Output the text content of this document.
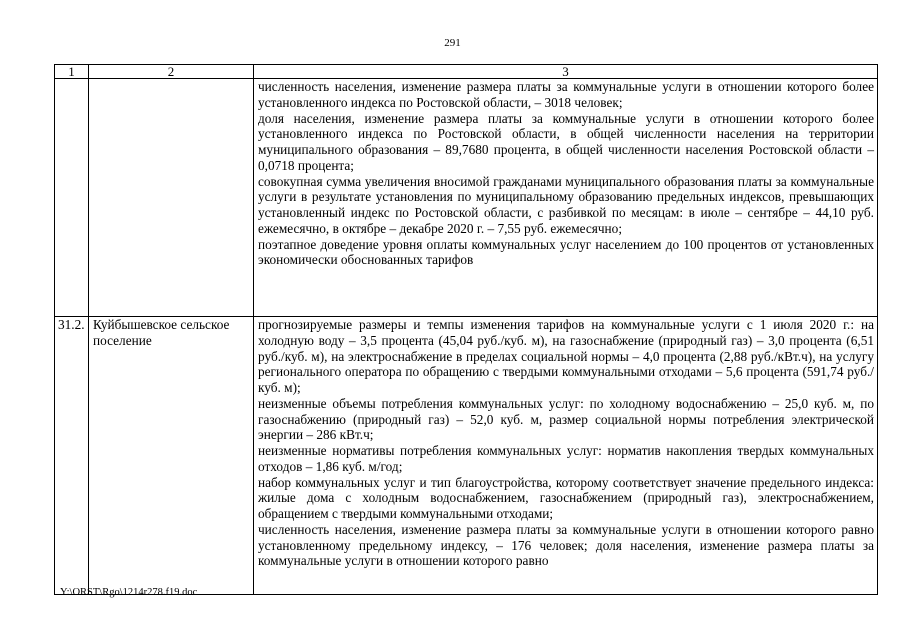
291
1	2	3

		численность населения, изменение размера платы за коммунальные услуги в отношении которого более установленного индекса по Ростовской области, – 3018 человек;
доля населения, изменение размера платы за коммунальные услуги в отношении которого более установленного индекса по Ростовской области, в общей численности населения на территории муниципального образования – 89,7680 процента, в общей численности населения Ростовской области – 0,0718 процента;
совокупная сумма увеличения вносимой гражданами муниципального образования платы за коммунальные услуги в результате установления по муниципальному образованию предельных индексов, превышающих установленный индекс по Ростовской области, с разбивкой по месяцам: в июле – сентябре – 44,10 руб. ежемесячно, в октябре – декабре 2020 г. – 7,55 руб. ежемесячно;
поэтапное доведение уровня оплаты коммунальных услуг населением до 100 процентов от установленных экономически обоснованных тарифов

31.2.	Куйбышевское сельское поселение	прогнозируемые размеры и темпы изменения тарифов на коммунальные услуги с 1 июля 2020 г.: на холодную воду – 3,5 процента (45,04 руб./куб. м), на газоснабжение (природный газ) – 3,0 процента (6,51 руб./куб. м), на электроснабжение в пределах социальной нормы – 4,0 процента (2,88 руб./кВт.ч), на услугу регионального оператора по обращению с твердыми коммунальными отходами – 5,6 процента (591,74 руб./куб. м);
неизменные объемы потребления коммунальных услуг: по холодному водоснабжению – 25,0 куб. м, по газоснабжению (природный газ) – 52,0 куб. м, размер социальной нормы потребления электрической энергии – 286 кВт.ч;
неизменные нормативы потребления коммунальных услуг: норматив накопления твердых коммунальных отходов – 1,86 куб. м/год;
набор коммунальных услуг и тип благоустройства, которому соответствует значение предельного индекса: жилые дома с холодным водоснабжением, газоснабжением (природный газ), электроснабжением, обращением с твердыми коммунальными отходами;
численность населения, изменение размера платы за коммунальные услуги в отношении которого равно установленному предельному индексу, – 176 человек; доля населения, изменение размера платы за коммунальные услуги в отношении которого равно
Y:\ORST\Rgo\1214r278.f19.doc
